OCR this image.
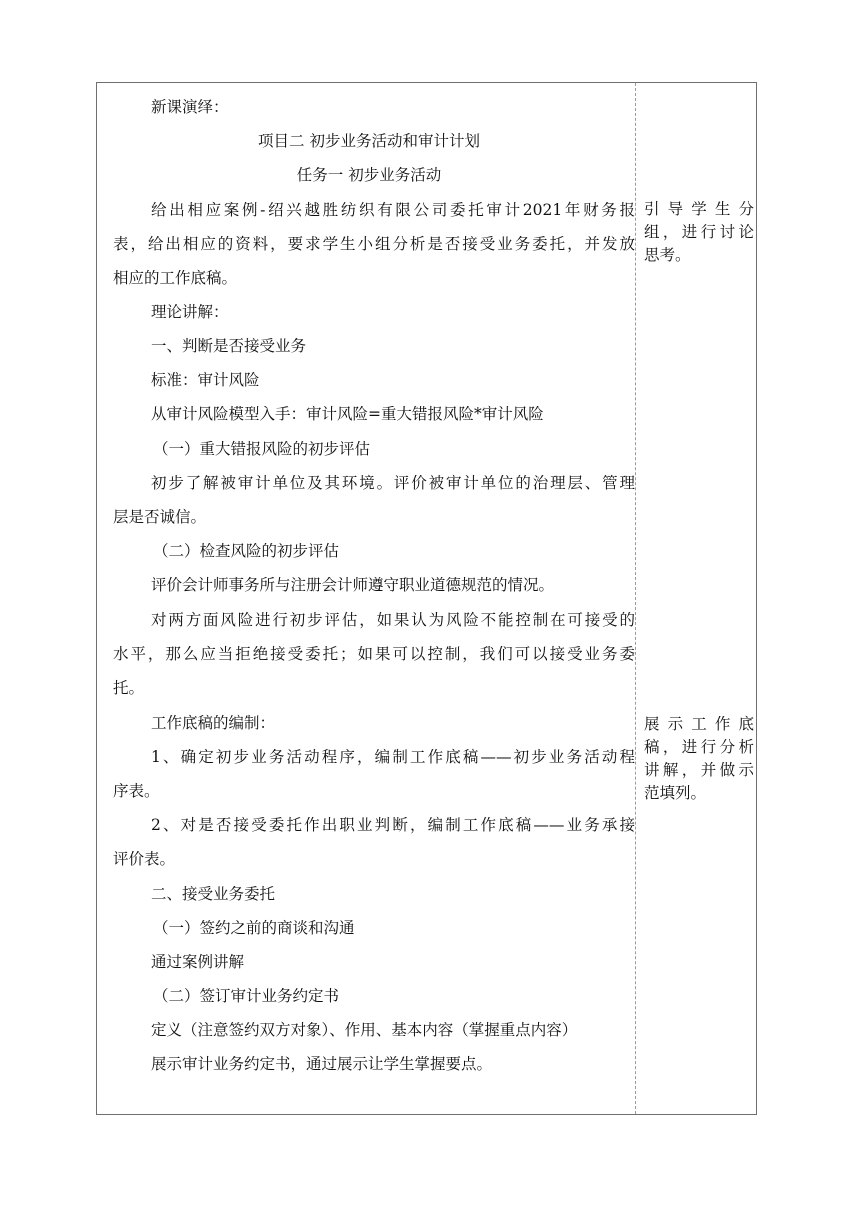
新课演绎：
项目二 初步业务活动和审计计划
任务一 初步业务活动
给出相应案例-绍兴越胜纺织有限公司委托审计2021年财务报
表，给出相应的资料，要求学生小组分析是否接受业务委托，并发放
相应的工作底稿。
理论讲解：
一、判断是否接受业务
标准：审计风险
从审计风险模型入手：审计风险=重大错报风险*审计风险
（一）重大错报风险的初步评估
初步了解被审计单位及其环境。评价被审计单位的治理层、管理
层是否诚信。
（二）检查风险的初步评估
评价会计师事务所与注册会计师遵守职业道德规范的情况。
对两方面风险进行初步评估，如果认为风险不能控制在可接受的
水平，那么应当拒绝接受委托；如果可以控制，我们可以接受业务委
托。
工作底稿的编制：
1、确定初步业务活动程序，编制工作底稿——初步业务活动程
序表。
2、对是否接受委托作出职业判断，编制工作底稿——业务承接
评价表。
二、接受业务委托
（一）签约之前的商谈和沟通
通过案例讲解
（二）签订审计业务约定书
定义（注意签约双方对象）、作用、基本内容（掌握重点内容）
展示审计业务约定书，通过展示让学生掌握要点。
引导学生分
组，进行讨论
思考。
展示工作底
稿，进行分析
讲解，并做示
范填列。
